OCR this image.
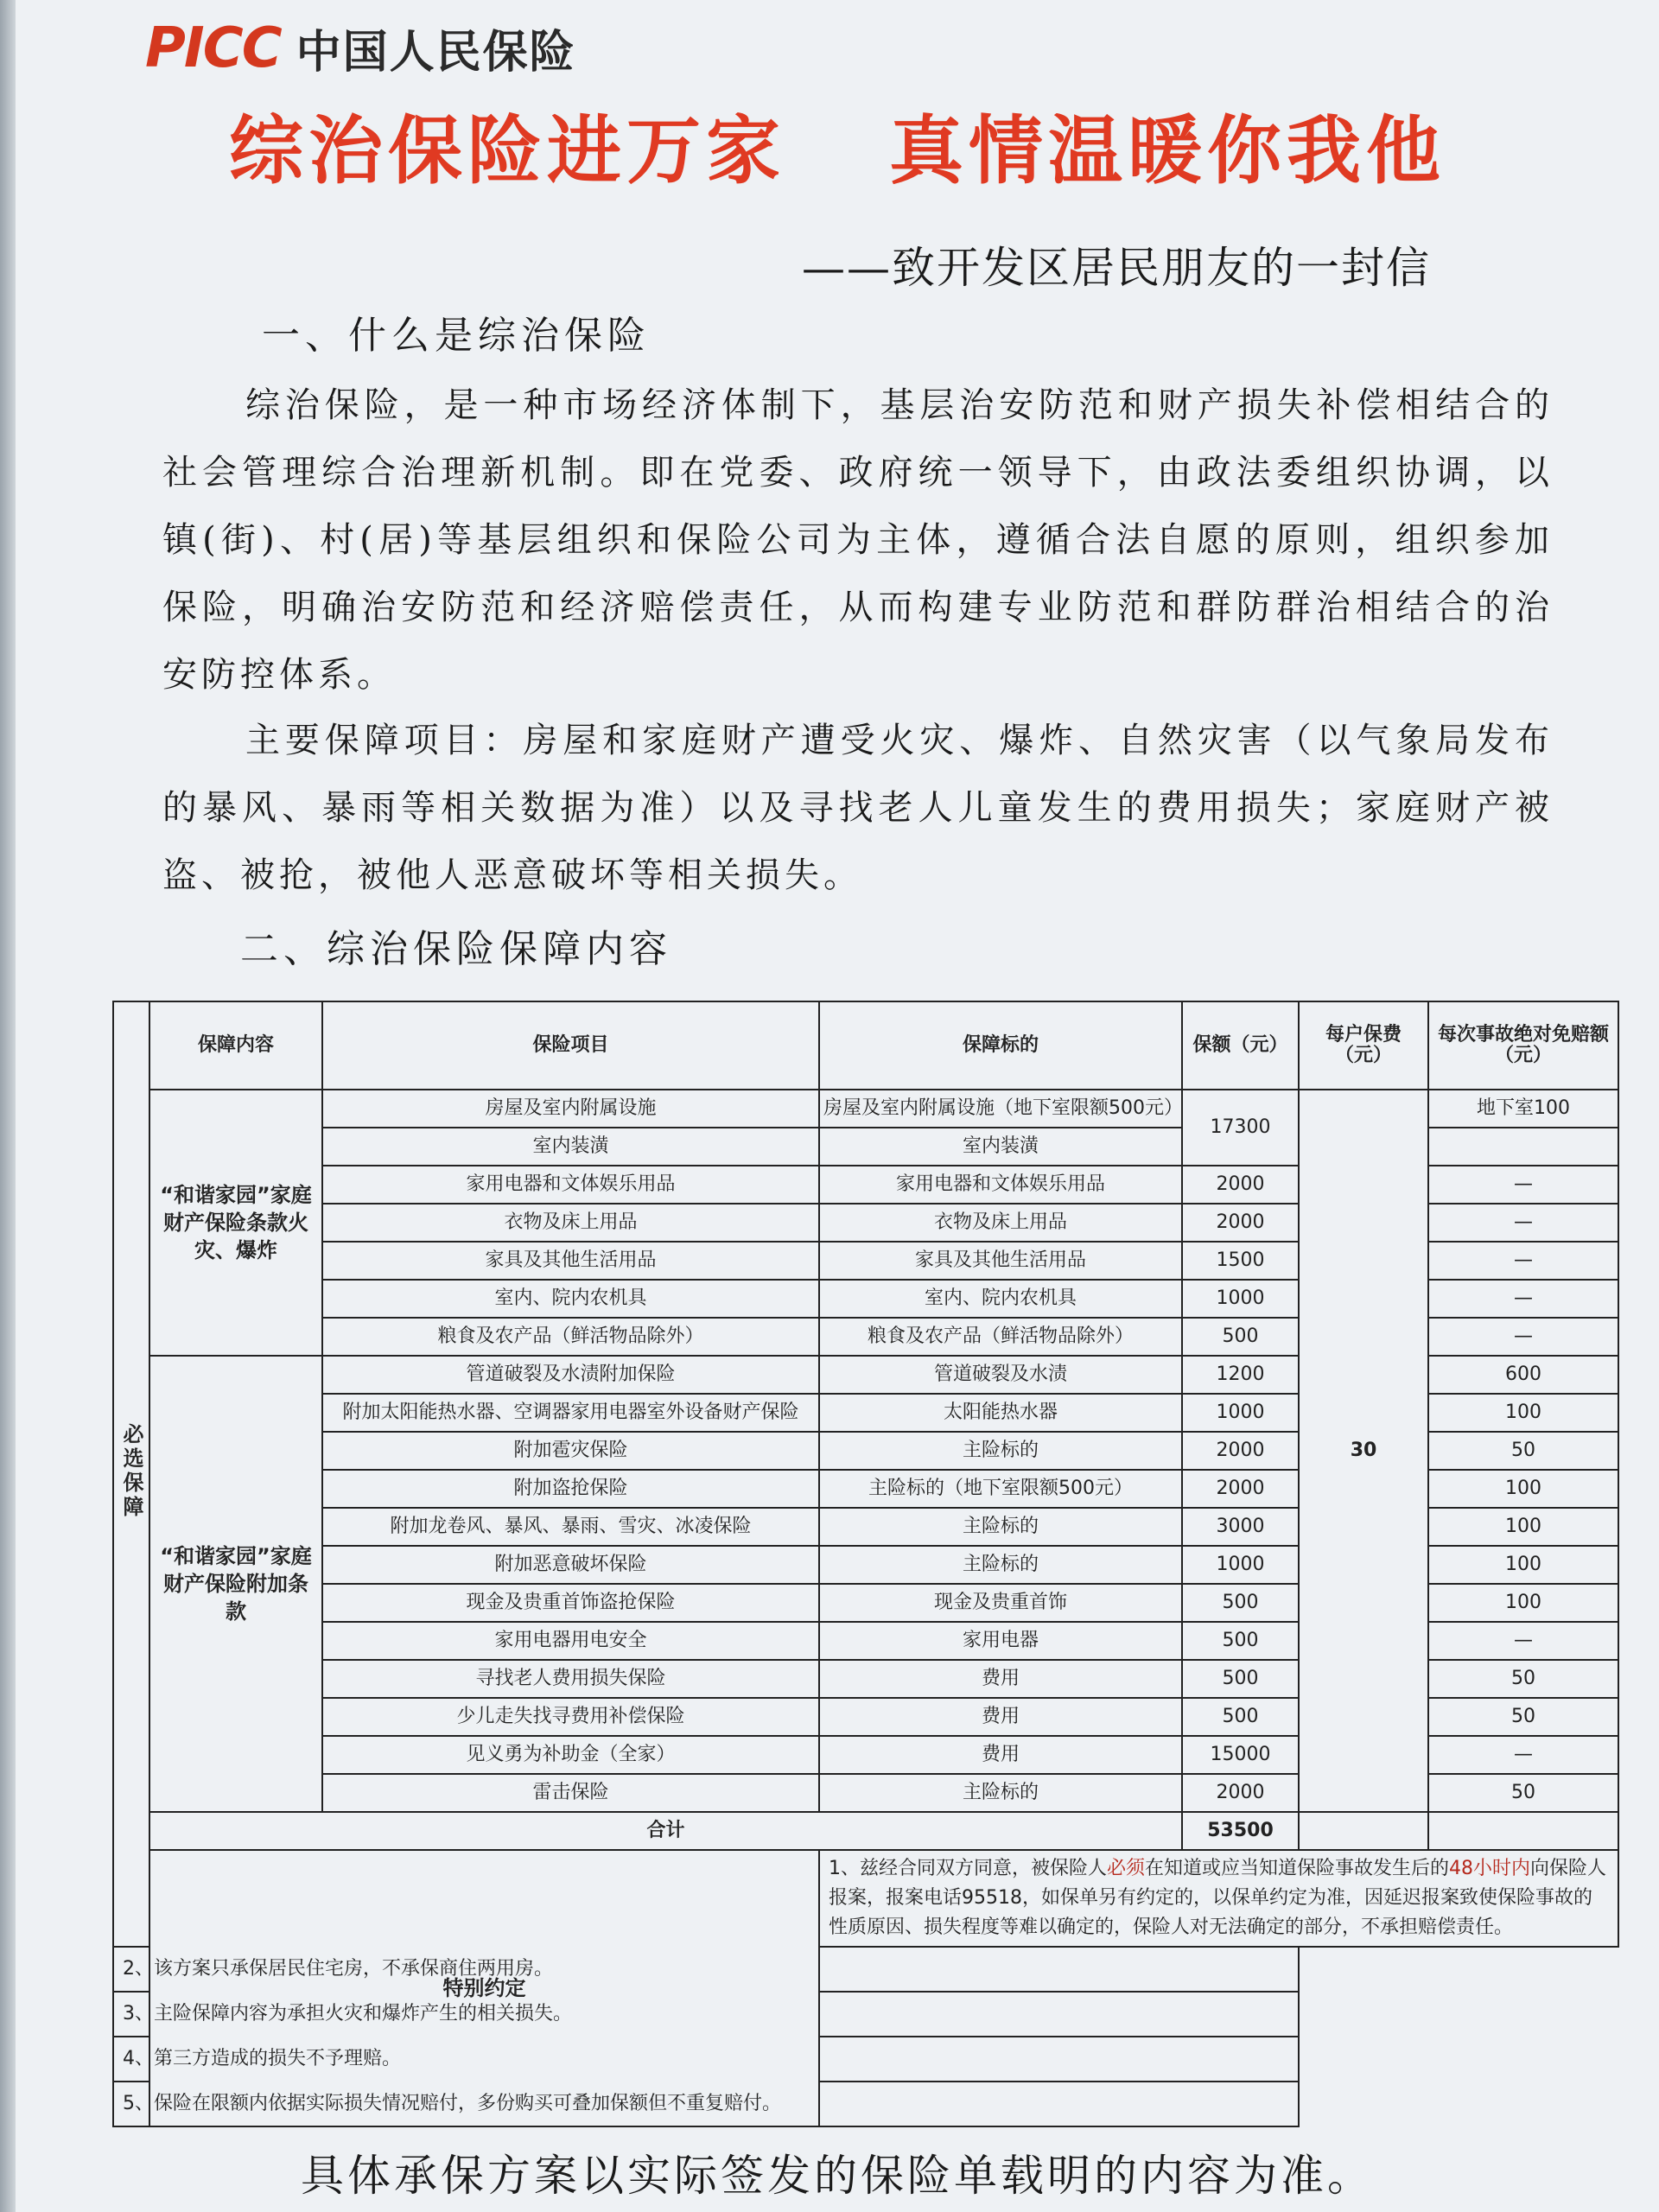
PICC 中国人民保险
综治保险进万家 真情温暖你我他
——致开发区居民朋友的一封信
一、什么是综治保险
综治保险，是一种市场经济体制下，基层治安防范和财产损失补偿相结合的社会管理综合治理新机制。即在党委、政府统一领导下，由政法委组织协调，以镇(街)、村(居)等基层组织和保险公司为主体，遵循合法自愿的原则，组织参加保险，明确治安防范和经济赔偿责任，从而构建专业防范和群防群治相结合的治安防控体系。
主要保障项目：房屋和家庭财产遭受火灾、爆炸、自然灾害（以气象局发布的暴风、暴雨等相关数据为准）以及寻找老人儿童发生的费用损失；家庭财产被盗、被抢，被他人恶意破坏等相关损失。
二、综治保险保障内容
必选保障	保障内容	保险项目	保障标的	保额（元）	每户保费（元）	每次事故绝对免赔额（元）
	“和谐家园”家庭财产保险条款火灾、爆炸	房屋及室内附属设施	房屋及室内附属设施（地下室限额500元）	17300	30	地下室100
		室内装潢	室内装潢			
		家用电器和文体娱乐用品	家用电器和文体娱乐用品	2000		—
		衣物及床上用品	衣物及床上用品	2000		—
		家具及其他生活用品	家具及其他生活用品	1500		—
		室内、院内农机具	室内、院内农机具	1000		—
		粮食及农产品（鲜活物品除外）	粮食及农产品（鲜活物品除外）	500		—
	“和谐家园”家庭财产保险附加条款	管道破裂及水渍附加保险	管道破裂及水渍	1200		600
		附加太阳能热水器、空调器家用电器室外设备财产保险	太阳能热水器	1000		100
		附加雹灾保险	主险标的	2000		50
		附加盗抢保险	主险标的（地下室限额500元）	2000		100
		附加龙卷风、暴风、暴雨、雪灾、冰凌保险	主险标的	3000		100
		附加恶意破坏保险	主险标的	1000		100
		现金及贵重首饰盗抢保险	现金及贵重首饰	500		100
		家用电器用电安全	家用电器	500		—
		寻找老人费用损失保险	费用	500		50
		少儿走失找寻费用补偿保险	费用	500		50
		见义勇为补助金（全家）	费用	15000		—
		雷击保险	主险标的	2000		50
	合计			53500		
	特别约定		1、兹经合同双方同意，被保险人必须在知道或应当知道保险事故发生后的48小时内向保险人报案，报案电话95518，如保单另有约定的，以保单约定为准，因延迟报案致使保险事故的性质原因、损失程度等难以确定的，保险人对无法确定的部分，不承担赔偿责任。			
2、该方案只承保居民住宅房，不承保商住两用房。						
3、主险保障内容为承担火灾和爆炸产生的相关损失。						
4、第三方造成的损失不予理赔。						
5、保险在限额内依据实际损失情况赔付，多份购买可叠加保额但不重复赔付。						
具体承保方案以实际签发的保险单载明的内容为准。
